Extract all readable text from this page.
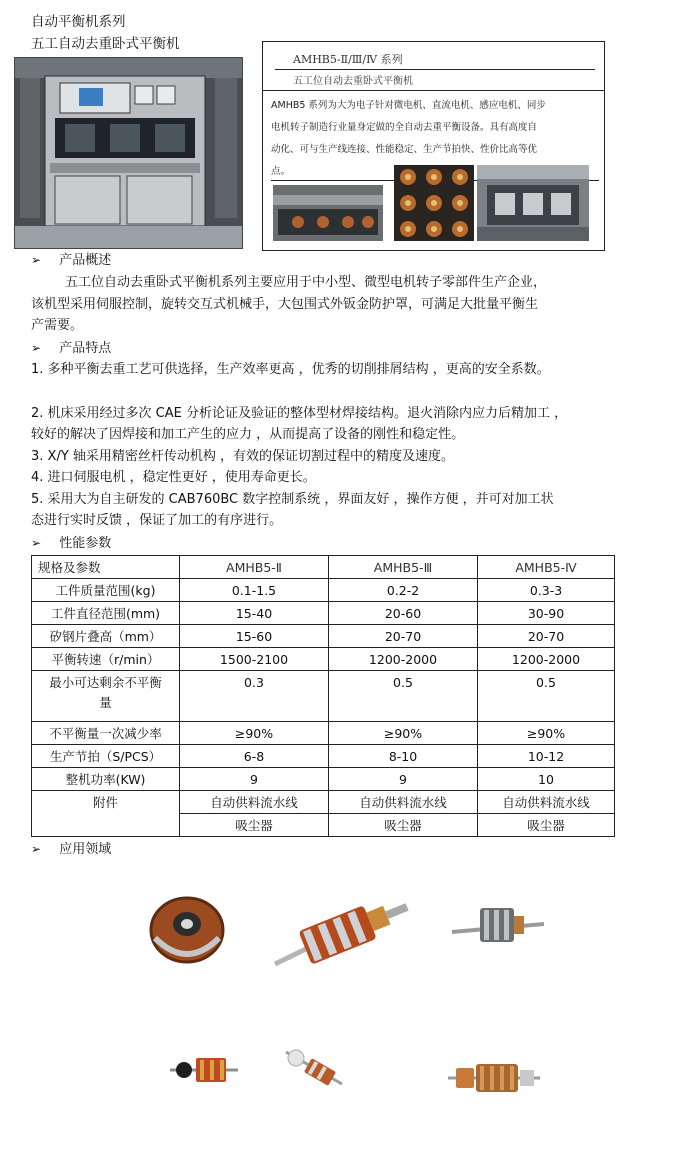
自动平衡机系列
五工自动去重卧式平衡机
AMHB5-Ⅱ/Ⅲ/Ⅳ 系列
五工位自动去重卧式平衡机
AMHB5 系列为大为电子针对微电机、直流电机、感应电机、同步
电机转子制造行业量身定做的全自动去重平衡设备。具有高度自
动化、可与生产线连接、性能稳定、生产节拍快、性价比高等优
点。
➢ 产品概述
五工位自动去重卧式平衡机系列主要应用于中小型、微型电机转子零部件生产企业，
该机型采用伺服控制，旋转交互式机械手，大包围式外钣金防护罩，可满足大批量平衡生
产需要。
➢ 产品特点
1. 多种平衡去重工艺可供选择，生产效率更高 ，优秀的切削排屑结构 ，更高的安全系数。
2. 机床采用经过多次 CAE 分析论证及验证的整体型材焊接结构。退火消除内应力后精加工 ，
较好的解决了因焊接和加工产生的应力 ，从而提高了设备的刚性和稳定性。
3. X/Y 轴采用精密丝杆传动机构 ，有效的保证切割过程中的精度及速度。
4. 进口伺服电机 ，稳定性更好 ，使用寿命更长。
5. 采用大为自主研发的 CAB760BC 数字控制系统 ，界面友好 ，操作方便 ，并可对加工状
态进行实时反馈 ，保证了加工的有序进行。
➢ 性能参数
规格及参数	AMHB5-Ⅱ	AMHB5-Ⅲ	AMHB5-Ⅳ
工件质量范围(kg)	0.1-1.5	0.2-2	0.3-3
工件直径范围(mm)	15-40	20-60	30-90
矽钢片叠高（mm）	15-60	20-70	20-70
平衡转速（r/min）	1500-2100	1200-2000	1200-2000

最小可达剩余不平衡
量	0.3	0.5	0.5
不平衡量一次减少率	≥90%	≥90%	≥90%
生产节拍（S/PCS）	6-8	8-10	10-12
整机功率(KW)	9	9	10
附件	自动供料流水线	自动供料流水线	自动供料流水线
	吸尘器	吸尘器	吸尘器
➢ 应用领域
